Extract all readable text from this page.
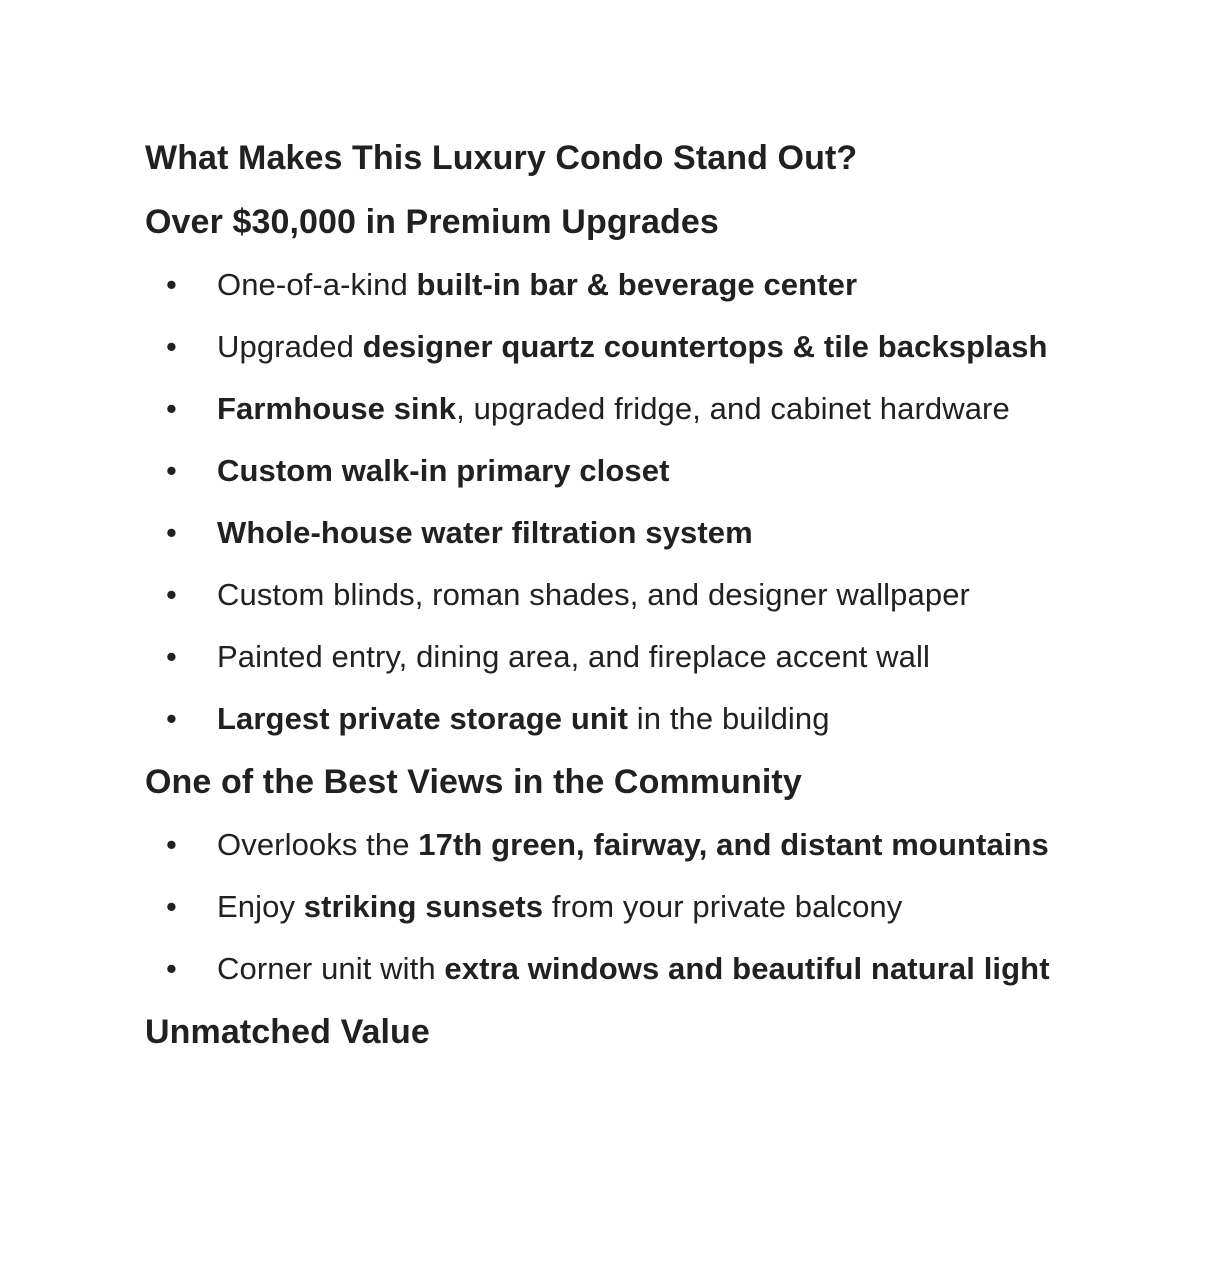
What Makes This Luxury Condo Stand Out?
Over $30,000 in Premium Upgrades
• One-of-a-kind built-in bar & beverage center
• Upgraded designer quartz countertops & tile backsplash
• Farmhouse sink, upgraded fridge, and cabinet hardware
• Custom walk-in primary closet
• Whole-house water filtration system
• Custom blinds, roman shades, and designer wallpaper
• Painted entry, dining area, and fireplace accent wall
• Largest private storage unit in the building
One of the Best Views in the Community
• Overlooks the 17th green, fairway, and distant mountains
• Enjoy striking sunsets from your private balcony
• Corner unit with extra windows and beautiful natural light
Unmatched Value
